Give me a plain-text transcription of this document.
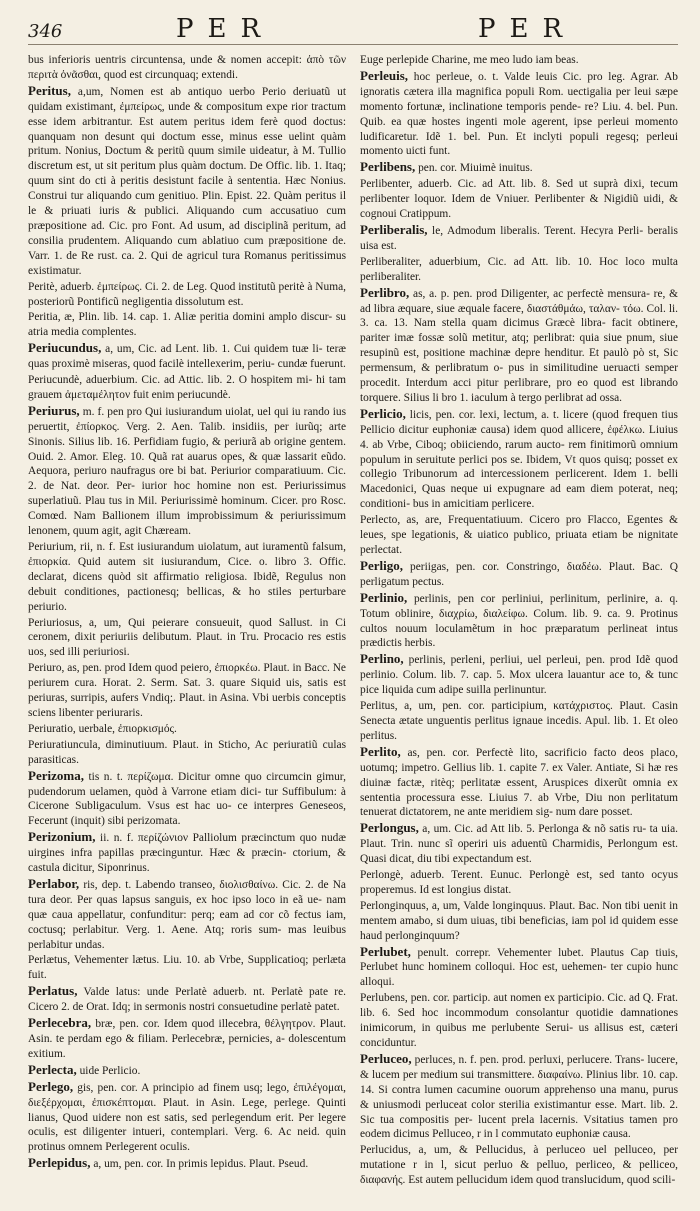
346	PER	PER

bus inferioris uentris circuntensa, unde & nomen accepit: ἀπὸ τῶν περιτὰ ὀνᾶσθαι, quod est circunquaq; extendi.

Peritus, a,um, Nomen est ab antiquo uerbo Perio deriuatũ ut quidam existimant, ἐμπείρως, unde & compositum expe rior tractum esse idem arbitrantur. Est autem peritus idem ferè quod doctus: quanquam non desunt qui doctum esse, minus esse uelint quàm pritum. Nonius, Doctum & peritũ quum simile uideatur, à M. Tullio discretum est, ut sit peritum plus quàm doctum. De Offic. lib. 1. Itaq; quum sint do cti à peritis desistunt facile à sententia. Hæc Nonius. Construi tur aliquando cum genitiuo. Plin. Epist. 22. Quàm peritus il le & priuati iuris & publici. Aliquando cum accusatiuo cum præpositione ad. Cic. pro Font. Ad usum, ad disciplinã peritum, ad consilia prudentem. Aliquando cum ablatiuo cum præpositione de. Varr. 1. de Re rust. ca. 2. Qui de agricul tura Romanus peritissimus existimatur.

Peritè, aduerb. ἐμπείρως. Ci. 2. de Leg. Quod institutũ peritè à Numa, posteriorũ Pontificũ negligentia dissolutum est.

Peritia, æ, Plin. lib. 14. cap. 1. Aliæ peritia domini amplo discur- su atria media complentes.

Periucundus, a, um, Cic. ad Lent. lib. 1. Cui quidem tuæ li- teræ quas proximè miseras, quod facilè intellexerim, periu- cundæ fuerunt.

Periucundè, aduerbium. Cic. ad Attic. lib. 2. O hospitem mi- hi tam grauem ἀμεταμέλητον fuit enim periucundè.

Periurus, m. f. pen pro Qui iusiurandum uiolat, uel qui iu rando ius peruertit, ἐπίορκος. Verg. 2. Aen. Talib. insidiis, per iurũq; arte Sinonis. Silius lib. 16. Perfidiam fugio, & periurã ab origine gentem. Ouid. 2. Amor. Eleg. 10. Quã rat auarus opes, & quæ lassarit eũdo. Aequora, periuro naufragus ore bi bat. Periurior comparatiuum. Cic. 2. de Nat. deor. Per- iurior hoc homine non est. Periurissimus superlatiuũ. Plau tus in Mil. Periurissimè hominum. Cicer. pro Rosc. Comœd. Nam Ballionem illum improbissimum & periurissimum lenonem, quum agit, agit Chæream.

Periurium, rii, n. f. Est iusiurandum uiolatum, aut iuramentũ falsum, ἐπιορκία. Quid autem sit iusiurandum, Cice. o. libro 3. Offic. declarat, dicens quòd sit affirmatio religiosa. Ibidẽ, Regulus non debuit conditiones, pactionesq; bellicas, & ho stiles perturbare periurio.

Periuriosus, a, um, Qui peierare consueuit, quod Sallust. in Ci ceronem, dixit periuriis delibutum. Plaut. in Tru. Procacio res estis uos, sed illi periuriosi.

Periuro, as, pen. prod Idem quod peiero, ἐπιορκέω. Plaut. in Bacc. Ne periurem cura. Horat. 2. Serm. Sat. 3. quare Siquid uis, satis est periuras, surripis, aufers Vndiq;. Plaut. in Asina. Vbi uerbis conceptis sciens libenter periuraris.

Periuratio, uerbale, ἐπιορκισμός.

Periuratiuncula, diminutiuum. Plaut. in Sticho, Ac periuratiũ culas parasiticas.

Perizoma, tis n. t. περίζωμα. Dicitur omne quo circumcin gimur, pudendorum uelamen, quòd à Varrone etiam dici- tur Suffibulum: à Cicerone Subligaculum. Vsus est hac uo- ce interpres Geneseos, Fecerunt (inquit) sibi perizomata.

Perizonium, ii. n. f. περίζώνιον Palliolum præcinctum quo nudæ uirgines infra papillas præcinguntur. Hæc & præcin- ctorium, & castula dicitur, Siponrinus.

Perlabor, ris, dep. t. Labendo transeo, διολισθαίνω. Cic. 2. de Na tura deor. Per quas lapsus sanguis, ex hoc ipso loco in eã ue- nam quæ caua appellatur, confunditur: perq; eam ad cor cõ fectus iam, coctusq; perlabitur. Verg. 1. Aene. Atq; roris sum- mas leuibus perlabitur undas.

Perlætus, Vehementer lætus. Liu. 10. ab Vrbe, Supplicatioq; perlæta fuit.

Perlatus, Valde latus: unde Perlatè aduerb. nt. Perlatè pate re. Cicero 2. de Orat. Idq; in sermonis nostri consuetudine perlatè patet.

Perlecebra, bræ, pen. cor. Idem quod illecebra, θέλγητρον. Plaut. Asin. te perdam ego & filiam. Perlecebræ, pernicies, a- dolescentum exitium.

Perlecta, uide Perlicio.

Perlego, gis, pen. cor. A principio ad finem usq; lego, ἐπιλέγομαι, διεξέρχομαι, ἐπισκέπτομαι. Plaut. in Asin. Lege, perlege. Quinti lianus, Quod uidere non est satis, sed perlegendum erit. Per legere oculis, est diligenter intueri, contemplari. Verg. 6. Ac neid. quin protinus omnem Perlegerent oculis.

Perlepidus, a, um, pen. cor. In primis lepidus. Plaut. Pseud.

Euge perlepide Charine, me meo ludo iam beas.

Perleuis, hoc perleue, o. t. Valde leuis Cic. pro leg. Agrar. Ab ignoratis cætera illa magnifica populi Rom. uectigalia per leui sæpe momento fortunæ, inclinatione temporis pende- re? Liu. 4. bel. Pun. Quib. ea quæ hostes ingenti mole agerent, ipse perleui momento ludificaretur. Idẽ 1. bel. Pun. Et inclyti populi regesq; perleui momento uicti funt.

Perlibens, pen. cor. Miuimè inuitus.

Perlibenter, aduerb. Cic. ad Att. lib. 8. Sed ut suprà dixi, tecum perlibenter loquor. Idem de Vniuer. Perlibenter & Nigidiũ uidi, & cognoui Cratippum.

Perliberalis, le, Admodum liberalis. Terent. Hecyra Perli- beralis uisa est.

Perliberaliter, aduerbium, Cic. ad Att. lib. 10. Hoc loco multa perliberaliter.

Perlibro, as, a. p. pen. prod Diligenter, ac perfectè mensura- re, & ad libra æquare, siue æquale facere, διαστάθμάω, ταλαν- τόω. Col. li. 3. ca. 13. Nam stella quam dicimus Græcè libra- facit obtinere, pariter imæ fossæ solũ metitur, atq; perlibrat: quia siue pnum, siue resupinũ est, positione machinæ depre henditur. Et paulò pò st, Sic permensum, & perlibratum o- pus in similitudine ueruacti semper procedit. Interdum acci pitur perlibrare, pro eo quod est librando torquere. Silius li bro 1. iaculum à tergo perlibrat ad ossa.

Perlicio, licis, pen. cor. lexi, lectum, a. t. licere (quod frequen tius Pellicio dicitur euphoniæ causa) idem quod allicere, ἐφέλκω. Liuius 4. ab Vrbe, Ciboq; obiiciendo, rarum aucto- rem finitimorũ omnium populum in seruitute perlici pos se. Ibidem, Vt quos quisq; posset ex collegio Tribunorum ad intercessionem perlicerent. Idem 1. belli Macedonici, Quas neque ui expugnare ad eam diem poterat, neq; conditioni- bus in amicitiam perlicere.

Perlecto, as, are, Frequentatiuum. Cicero pro Flacco, Egentes & leues, spe legationis, & uiatico publico, priuata etiam be nignitate perlectat.

Perligo, periigas, pen. cor. Constringo, διαδέω. Plaut. Bac. Q perligatum pectus.

Perlinio, perlinis, pen cor perliniui, perlinitum, perlinire, a. q. Totum oblinire, διαχρίω, διαλείφω. Colum. lib. 9. ca. 9. Protinus cultos nouum loculamẽtum in hoc præparatum perlineat intus prædictis herbis.

Perlino, perlinis, perleni, perliui, uel perleui, pen. prod Idẽ quod perlinio. Colum. lib. 7. cap. 5. Mox ulcera lauantur ace to, & tunc pice liquida cum adipe suilla perlinuntur.

Perlitus, a, um, pen. cor. participium, κατάχριστος. Plaut. Casin Senecta ætate unguentis perlitus ignaue incedis. Apul. lib. 1. Et oleo perlitus.

Perlito, as, pen. cor. Perfectè lito, sacrificio facto deos placo, uotumq; impetro. Gellius lib. 1. capite 7. ex Valer. Antiate, Si hæ res diuinæ factæ, ritèq; perlitatæ essent, Aruspices dixerũt omnia ex sententia processura esse. Liuius 7. ab Vrbe, Diu non perlitatum tenuerat dictatorem, ne ante meridiem sig- num dare posset.

Perlongus, a, um. Cic. ad Att lib. 5. Perlonga & nõ satis ru- ta uia. Plaut. Trin. nunc sĩ operiri uis aduentũ Charmidis, Perlongum est. Quasi dicat, diu tibi expectandum est.

Perlongè, aduerb. Terent. Eunuc. Perlongè est, sed tanto ocyus properemus. Id est longius distat.

Perlonginquus, a, um, Valde longinquus. Plaut. Bac. Non tibi uenit in mentem amabo, si dum uiuas, tibi beneficias, iam pol id quidem esse haud perlonginquum?

Perlubet, penult. correpr. Vehementer lubet. Plautus Cap tiuis, Perlubet hunc hominem colloqui. Hoc est, uehemen- ter cupio hunc alloqui.

Perlubens, pen. cor. particip. aut nomen ex participio. Cic. ad Q. Frat. lib. 6. Sed hoc incommodum consolantur quotidie damnationes inimicorum, in quibus me perlubente Serui- us allisus est, cæteri conciduntur.

Perluceo, perluces, n. f. pen. prod. perluxi, perlucere. Trans- lucere, & lucem per medium sui transmittere. διαφαίνω. Plinius libr. 10. cap. 14. Si contra lumen cacumine ouorum apprehenso una manu, purus & uniusmodi perluceat color sterilia existimantur esse. Mart. lib. 2. Sic tua compositis per- lucent prela lacernis. Vsitatius tamen pro eodem dicimus Pelluceo, r in l commutato euphoniæ causa.

Perlucidus, a, um, & Pellucidus, à perluceo uel pelluceo, per mutatione r in l, sicut perluo & pelluo, perliceo, & pelliceo, διαφανής. Est autem pellucidum idem quod translucidum, quod scili-
